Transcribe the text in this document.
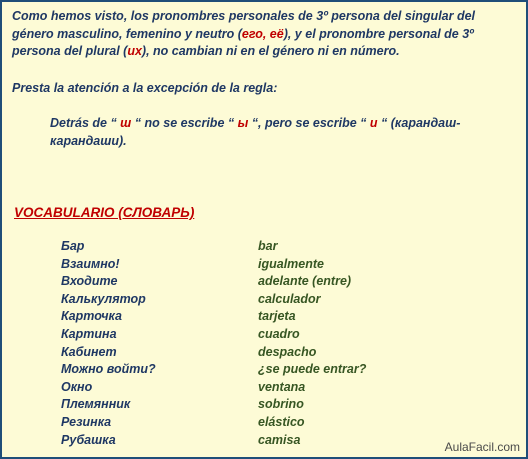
Como hemos visto, los pronombres personales de 3º persona del singular del
género masculino, femenino y neutro (его, её), y el pronombre personal de 3º
persona del plural (их), no cambian ni en el género ni en número.
Presta la atención a la excepción de la regla:
Detrás de “ ш “ no se escribe “ ы “, pero se escribe “ и “ (карандаш-
карандаши).
VOCABULARIO (СЛОВАРЬ)
Бар	bar
Взаимно!	igualmente
Входите	adelante (entre)
Калькулятор	calculador
Карточка	tarjeta
Картина	cuadro
Кабинет	despacho
Можно войти?	¿se puede entrar?
Окно	ventana
Племянник	sobrino
Резинка	elástico
Рубашка	camisa
AulaFacil.com
